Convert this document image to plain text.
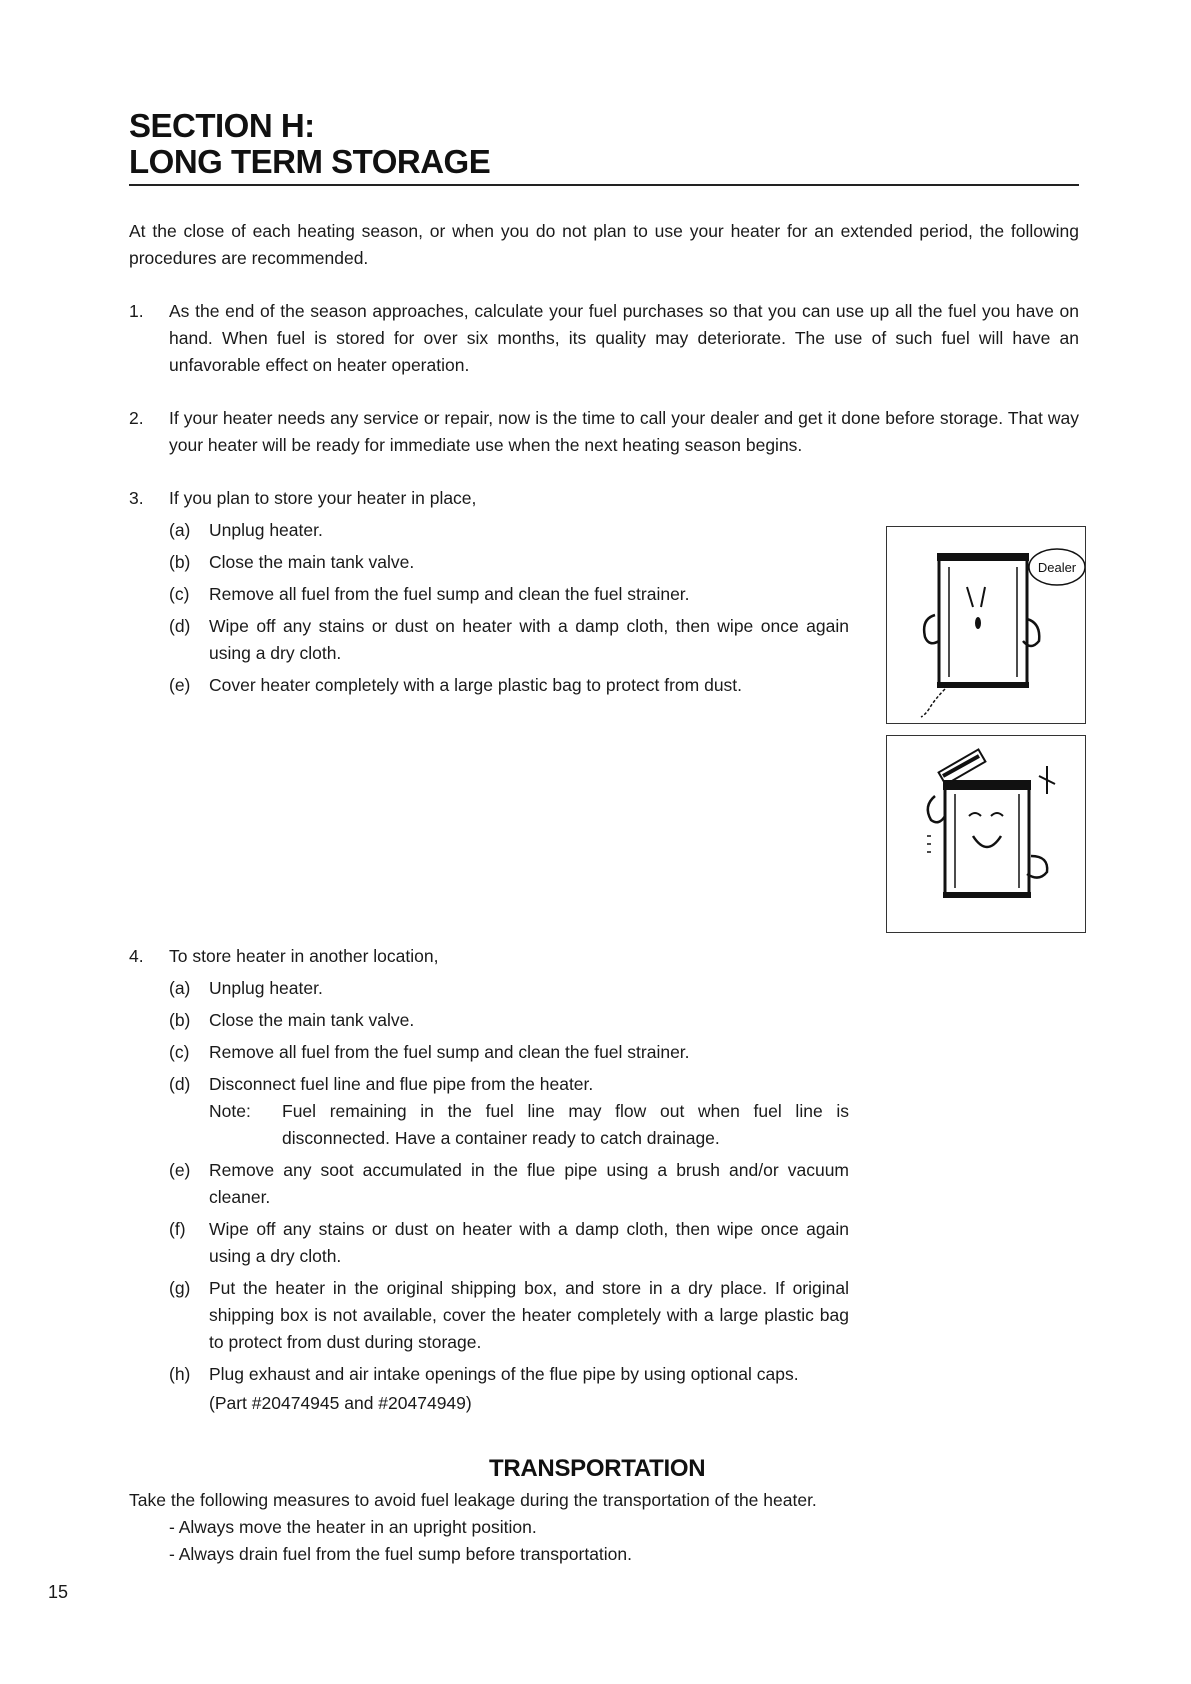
SECTION H:
LONG TERM STORAGE
At the close of each heating season, or when you do not plan to use your heater for an extended period, the following procedures are recommended.
1.	As the end of the season approaches, calculate your fuel purchases so that you can use up all the fuel you have on hand. When fuel is stored for over six months, its quality may deteriorate. The use of such fuel will have an unfavorable effect on heater operation.
2.	If your heater needs any service or repair, now is the time to call your dealer and get it done before storage. That way your heater will be ready for immediate use when the next heating season begins.
3.	If you plan to store your heater in place,
(a)	Unplug heater.
(b)	Close the main tank valve.
(c)	Remove all fuel from the fuel sump and clean the fuel strainer.
(d)	Wipe off any stains or dust on heater with a damp cloth, then wipe once again using a dry cloth.
(e)	Cover heater completely with a large plastic bag to protect from dust.
Dealer
4.	To store heater in another location,
(a)	Unplug heater.
(b)	Close the main tank valve.
(c)	Remove all fuel from the fuel sump and clean the fuel strainer.
(d)	Disconnect fuel line and flue pipe from the heater.
Note:	Fuel remaining in the fuel line may flow out when fuel line is disconnected. Have a container ready to catch drainage.
(e)	Remove any soot accumulated in the flue pipe using a brush and/or vacuum cleaner.
(f)	Wipe off any stains or dust on heater with a damp cloth, then wipe once again using a dry cloth.
(g)	Put the heater in the original shipping box, and store in a dry place. If original shipping box is not available, cover the heater completely with a large plastic bag to protect from dust during storage.
(h)	Plug exhaust and air intake openings of the flue pipe by using optional caps.
(Part #20474945 and #20474949)
TRANSPORTATION
Take the following measures to avoid fuel leakage during the transportation of the heater.
- Always move the heater in an upright position.
- Always drain fuel from the fuel sump before transportation.
15
